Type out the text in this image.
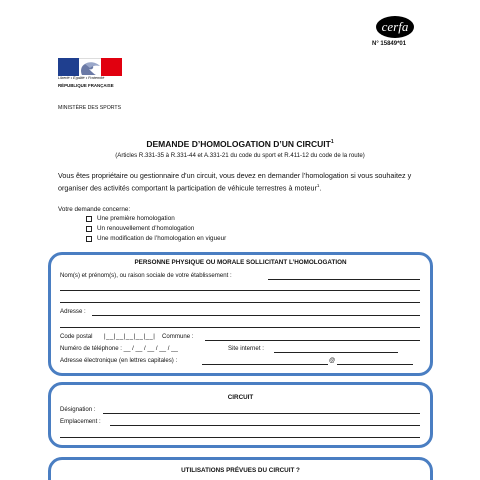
Liberté • Égalité • Fraternité
RÉPUBLIQUE FRANÇAISE
MINISTÈRE DES SPORTS
cerfa
N° 15849*01
DEMANDE D’HOMOLOGATION D’UN CIRCUIT$^1$
(Articles R.331-35 à R.331-44 et A.331-21 du code du sport et R.411-12 du code de la route)
Vous êtes propriétaire ou gestionnaire d’un circuit, vous devez en demander l’homologation si vous souhaitez y organiser des activités comportant la participation de véhicule terrestres à moteur$^1$.
Votre demande concerne:
Une première homologation
Un renouvellement d’homologation
Une modification de l’homologation en vigueur
PERSONNE PHYSIQUE OU MORALE SOLLICITANT L’HOMOLOGATION
Nom(s) et prénom(s), ou raison sociale de votre établissement :
Adresse :
Code postal |__|__|__|__|__| Commune :
Numéro de téléphone : __ / __ / __ / __ / __	Site internet :
Adresse électronique (en lettres capitales) :	@
CIRCUIT
Désignation :
Emplacement :
UTILISATIONS PRÉVUES DU CIRCUIT ?
